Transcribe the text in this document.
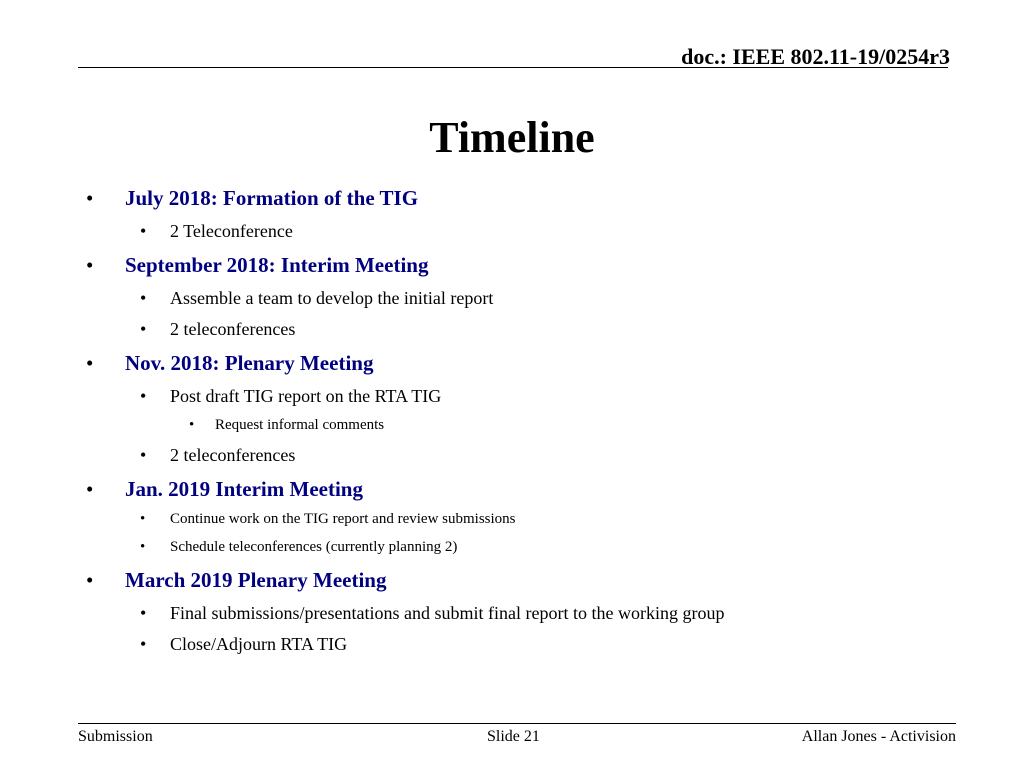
doc.: IEEE 802.11-19/0254r3
Timeline
• July 2018: Formation of the TIG
• 2 Teleconference
• September 2018: Interim Meeting
• Assemble a team to develop the initial report
• 2 teleconferences
• Nov. 2018: Plenary Meeting
• Post draft TIG report on the RTA TIG
• Request informal comments
• 2 teleconferences
• Jan. 2019 Interim Meeting
• Continue work on the TIG report and review submissions
• Schedule teleconferences (currently planning 2)
• March 2019 Plenary Meeting
• Final submissions/presentations and submit final report to the working group
• Close/Adjourn RTA TIG
Submission	Slide 21	Allan Jones - Activision
